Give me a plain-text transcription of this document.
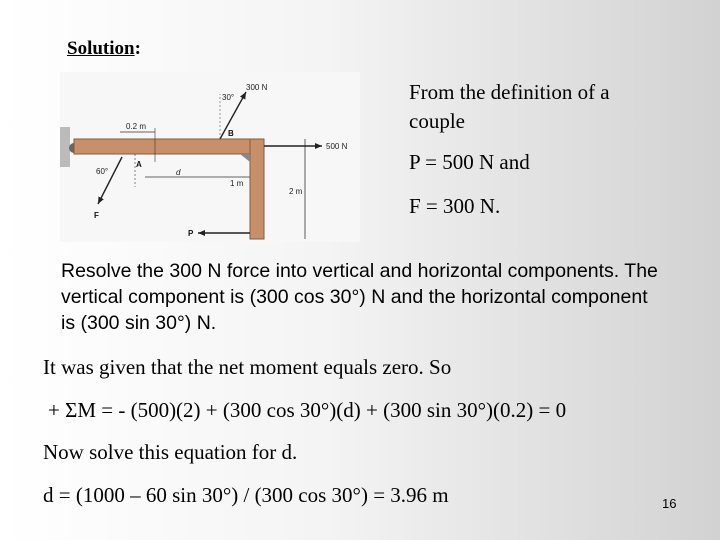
Solution:
300 N
30°
0.2 m
B
500 N
A
60°	d
1 m
2 m
F
P
From the definition of a couple
P = 500 N and
F = 300 N.
Resolve the 300 N force into vertical and horizontal components. The vertical component is (300 cos 30°) N and the horizontal component is (300 sin 30°) N.
It was given that the net moment equals zero. So
+ ΣM = - (500)(2) + (300 cos 30°)(d) + (300 sin 30°)(0.2) = 0
Now solve this equation for d.
d = (1000 – 60 sin 30°) / (300 cos 30°) = 3.96 m	16
